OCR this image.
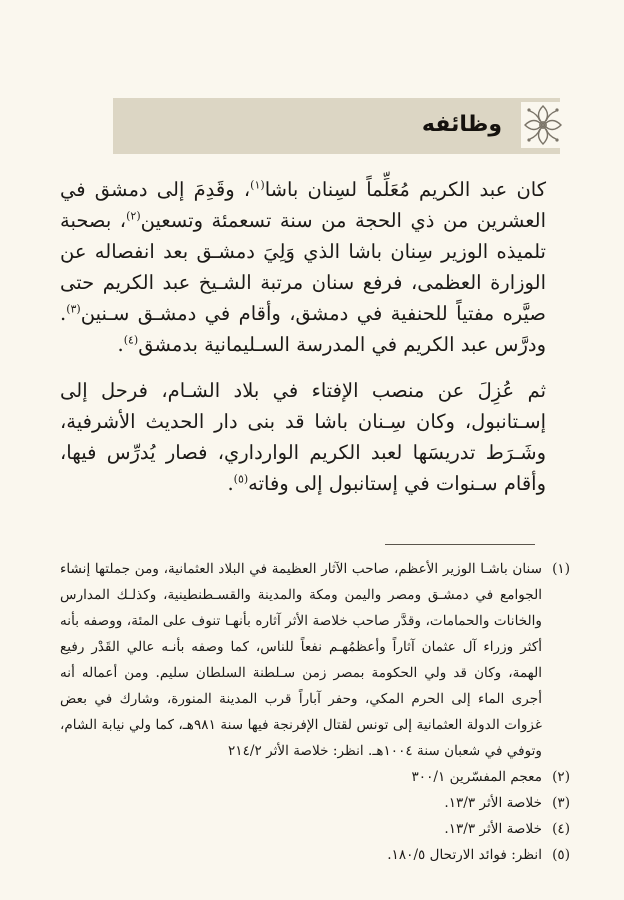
وظائفه

كان عبد الكريم مُعَلِّماً لسِنان باشا$^{(١)}$، وقَدِمَ إلى دمشق في العشرين من ذي الحجة من سنة تسعمئة وتسعين$^{(٢)}$، بصحبة تلميذه الوزير سِنان باشا الذي وَلِيَ دمشـق بعد انفصاله عن الوزارة العظمى، فرفع سنان مرتبة الشـيخ عبد الكريم حتى صيَّره مفتياً للحنفية في دمشق، وأقام في دمشـق سـنين$^{(٣)}$. ودرَّس عبد الكريم في المدرسة السـليمانية بدمشق$^{(٤)}$.

ثم عُزِلَ عن منصب الإفتاء في بلاد الشـام، فرحل إلى إسـتانبول، وكان سِـنان باشا قد بنى دار الحديث الأشرفية، وشَـرَط تدريسَها لعبد الكريم الوارداري، فصار يُدرِّس فيها، وأقام سـنوات في إستانبول إلى وفاته$^{(٥)}$.

(١)
سنان باشـا الوزير الأعظم، صاحب الآثار العظيمة في البلاد العثمانية، ومن جملتها إنشاء الجوامع في دمشـق ومصر واليمن ومكة والمدينة والقسـطنطينية، وكذلـك المدارس والخانات والحمامات، وقدَّر صاحب خلاصة الأثر آثاره بأنهـا تنوف على المئة، ووصفه بأنه أكثر وزراء آل عثمان آثاراً وأعظمُهـم نفعاً للناس، كما وصفه بأنـه عالي القَدْر رفيع الهمة، وكان قد ولي الحكومة بمصر زمن سـلطنة السلطان سليم. ومن أعماله أنه أجرى الماء إلى الحرم المكي، وحفر آباراً قرب المدينة المنورة، وشارك في بعض غزوات الدولة العثمانية إلى تونس لقتال الإفرنجة فيها سنة ٩٨١هـ، كما ولي نيابة الشام، وتوفي في شعبان سنة ١٠٠٤هـ. انظر: خلاصة الأثر ٢١٤/٢
(٢)
معجم المفسّرين ٣٠٠/١
(٣)
خلاصة الأثر ١٣/٣.
(٤)
خلاصة الأثر ١٣/٣.
(٥)
انظر: فوائد الارتحال ١٨٠/٥.
